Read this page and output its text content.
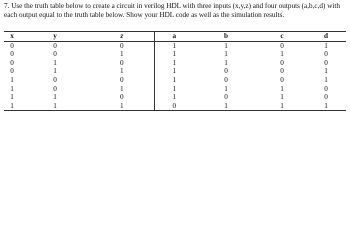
7. Use the truth table below to create a circuit in verilog HDL with three inputs (x,y,z) and four outputs (a,b,c,d) with each output equal to the truth table below. Show your HDL code as well as the simulation results.

x	y	z	a	b	c	d
0	0	0	1	1	0	1
0	0	1	1	1	1	0
0	1	0	1	1	0	0
0	1	1	1	0	0	1
1	0	0	1	0	0	1
1	0	1	1	1	1	0
1	1	0	1	0	1	0
1	1	1	0	1	1	1
